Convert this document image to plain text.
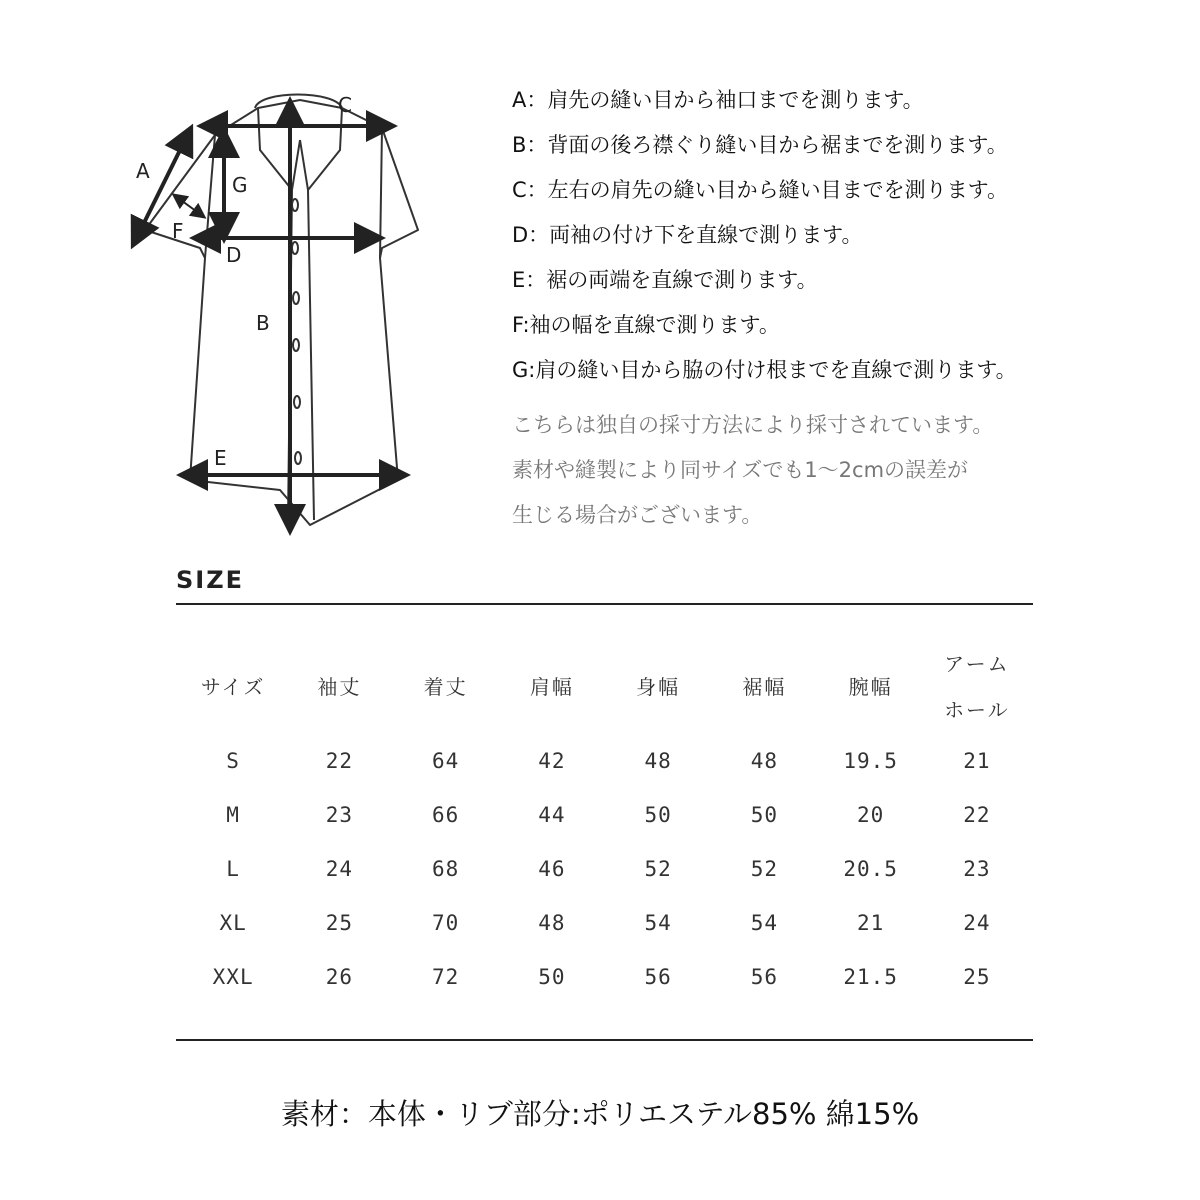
C
A
G
F
D
B
E
A：肩先の縫い目から袖口までを測ります。
B：背面の後ろ襟ぐり縫い目から裾までを測ります。
C：左右の肩先の縫い目から縫い目までを測ります。
D：両袖の付け下を直線で測ります。
E：裾の両端を直線で測ります。
F:袖の幅を直線で測ります。
G:肩の縫い目から脇の付け根までを直線で測ります。
こちらは独自の採寸方法により採寸されています。
素材や縫製により同サイズでも1～2cmの誤差が
生じる場合がございます。
SIZE
サイズ	袖丈	着丈	肩幅	身幅	裾幅	腕幅	アーム
ホール
S	22	64	42	48	48	19.5	21
M	23	66	44	50	50	20	22
L	24	68	46	52	52	20.5	23
XL	25	70	48	54	54	21	24
XXL	26	72	50	56	56	21.5	25
素材：本体・リブ部分:ポリエステル85% 綿15%
